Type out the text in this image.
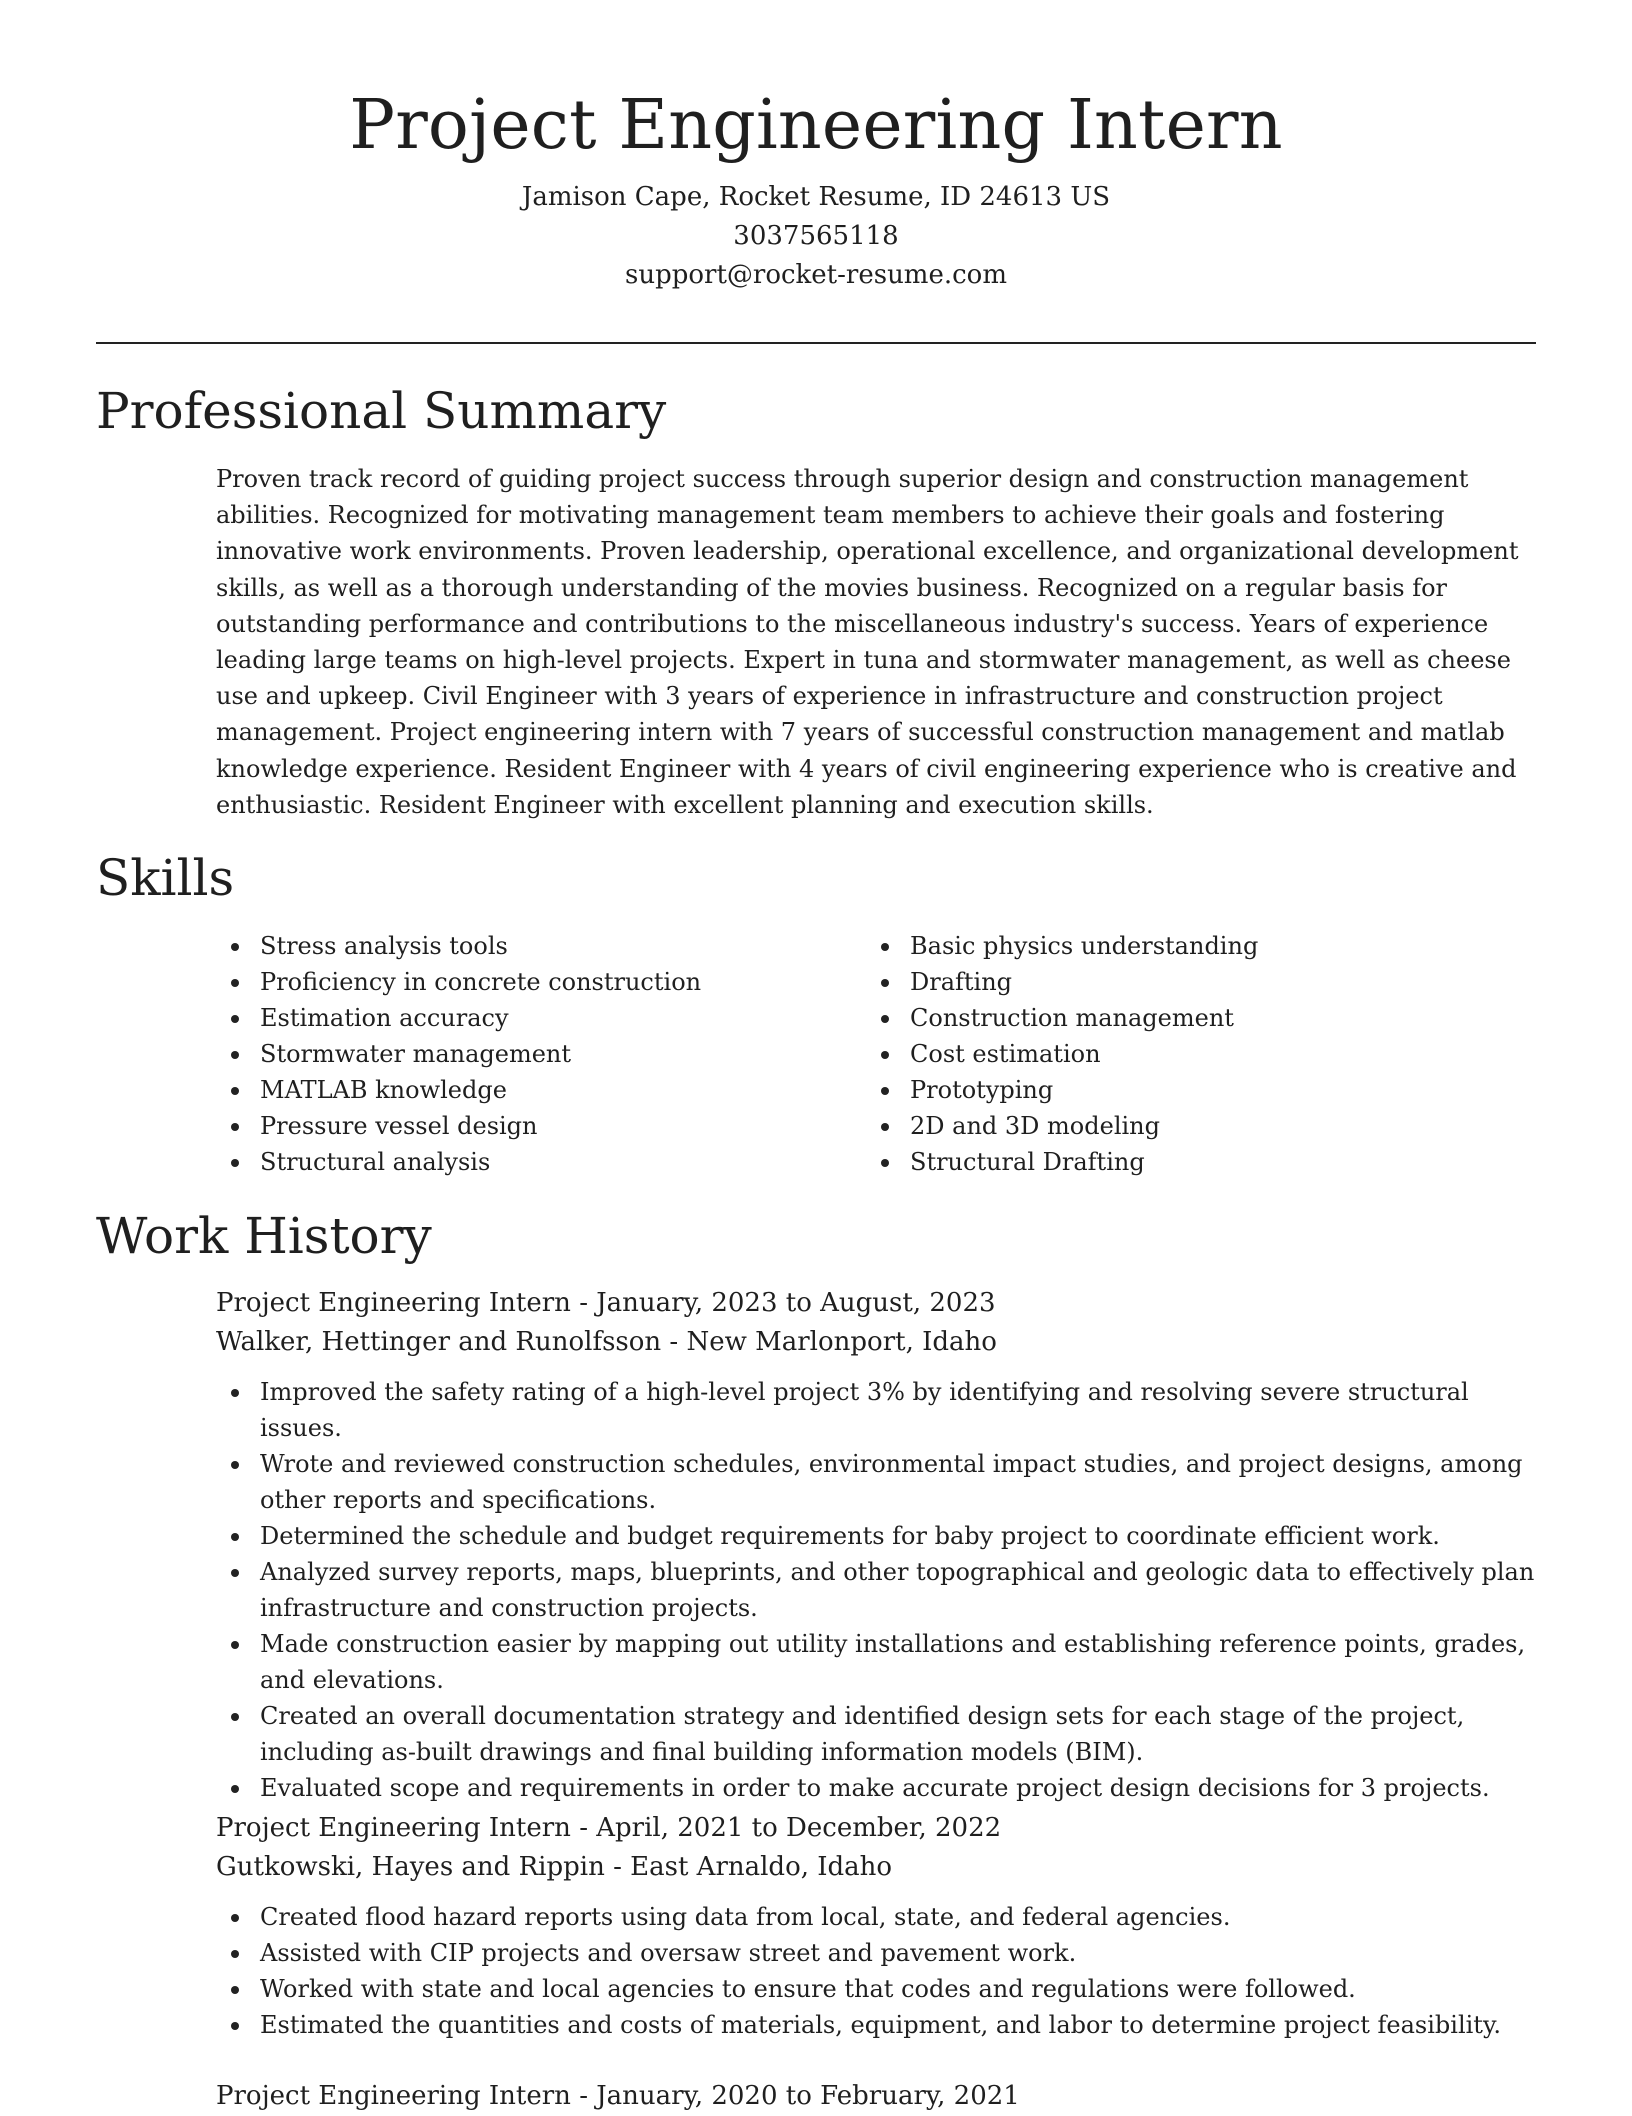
Project Engineering Intern
Jamison Cape, Rocket Resume, ID 24613 US
3037565118
support@rocket-resume.com
Professional Summary
Proven track record of guiding project success through superior design and construction management abilities. Recognized for motivating management team members to achieve their goals and fostering innovative work environments. Proven leadership, operational excellence, and organizational development skills, as well as a thorough understanding of the movies business. Recognized on a regular basis for outstanding performance and contributions to the miscellaneous industry's success. Years of experience leading large teams on high-level projects. Expert in tuna and stormwater management, as well as cheese use and upkeep. Civil Engineer with 3 years of experience in infrastructure and construction project management. Project engineering intern with 7 years of successful construction management and matlab knowledge experience. Resident Engineer with 4 years of civil engineering experience who is creative and enthusiastic. Resident Engineer with excellent planning and execution skills.
Skills
Stress analysis tools
Proficiency in concrete construction
Estimation accuracy
Stormwater management
MATLAB knowledge
Pressure vessel design
Structural analysis
Basic physics understanding
Drafting
Construction management
Cost estimation
Prototyping
2D and 3D modeling
Structural Drafting
Work History
Project Engineering Intern - January, 2023 to August, 2023
Walker, Hettinger and Runolfsson - New Marlonport, Idaho
Improved the safety rating of a high-level project 3% by identifying and resolving severe structural issues.
Wrote and reviewed construction schedules, environmental impact studies, and project designs, among other reports and specifications.
Determined the schedule and budget requirements for baby project to coordinate efficient work.
Analyzed survey reports, maps, blueprints, and other topographical and geologic data to effectively plan infrastructure and construction projects.
Made construction easier by mapping out utility installations and establishing reference points, grades, and elevations.
Created an overall documentation strategy and identified design sets for each stage of the project, including as-built drawings and final building information models (BIM).
Evaluated scope and requirements in order to make accurate project design decisions for 3 projects.
Project Engineering Intern - April, 2021 to December, 2022
Gutkowski, Hayes and Rippin - East Arnaldo, Idaho
Created flood hazard reports using data from local, state, and federal agencies.
Assisted with CIP projects and oversaw street and pavement work.
Worked with state and local agencies to ensure that codes and regulations were followed.
Estimated the quantities and costs of materials, equipment, and labor to determine project feasibility.
Project Engineering Intern - January, 2020 to February, 2021
